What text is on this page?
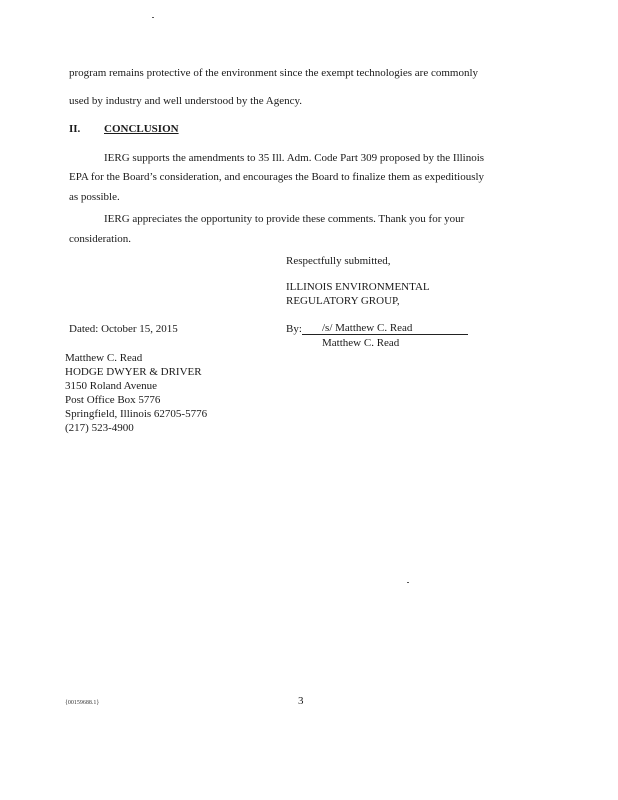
program remains protective of the environment since the exempt technologies are commonly
used by industry and well understood by the Agency.
II. CONCLUSION
IERG supports the amendments to 35 Ill. Adm. Code Part 309 proposed by the Illinois
EPA for the Board’s consideration, and encourages the Board to finalize them as expeditiously
as possible.
IERG appreciates the opportunity to provide these comments. Thank you for your
consideration.
Respectfully submitted,
ILLINOIS ENVIRONMENTAL
REGULATORY GROUP,
Dated: October 15, 2015	By: /s/ Matthew C. Read
Matthew C. Read
Matthew C. Read
HODGE DWYER & DRIVER
3150 Roland Avenue
Post Office Box 5776
Springfield, Illinois 62705-5776
(217) 523-4900
{00159688.1}	3
